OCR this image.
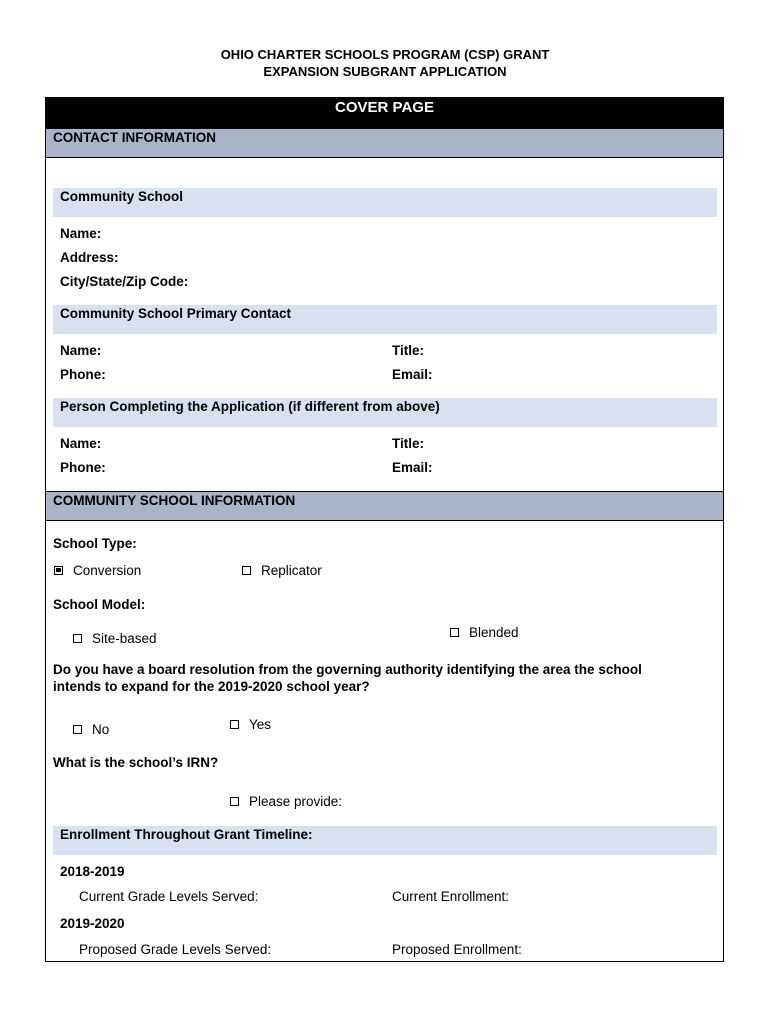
OHIO CHARTER SCHOOLS PROGRAM (CSP) GRANT
EXPANSION SUBGRANT APPLICATION
COVER PAGE
CONTACT INFORMATION
Community School
Name:
Address:
City/State/Zip Code:
Community School Primary Contact
Name:	Title:
Phone:	Email:
Person Completing the Application (if different from above)
Name:	Title:
Phone:	Email:
COMMUNITY SCHOOL INFORMATION
School Type:
Conversion	Replicator
School Model:
Site-based	Blended
Do you have a board resolution from the governing authority identifying the area the school
intends to expand for the 2019-2020 school year?
No	Yes
What is the school’s IRN?
Please provide:
Enrollment Throughout Grant Timeline:
2018-2019
Current Grade Levels Served:	Current Enrollment:
2019-2020
Proposed Grade Levels Served:	Proposed Enrollment:
